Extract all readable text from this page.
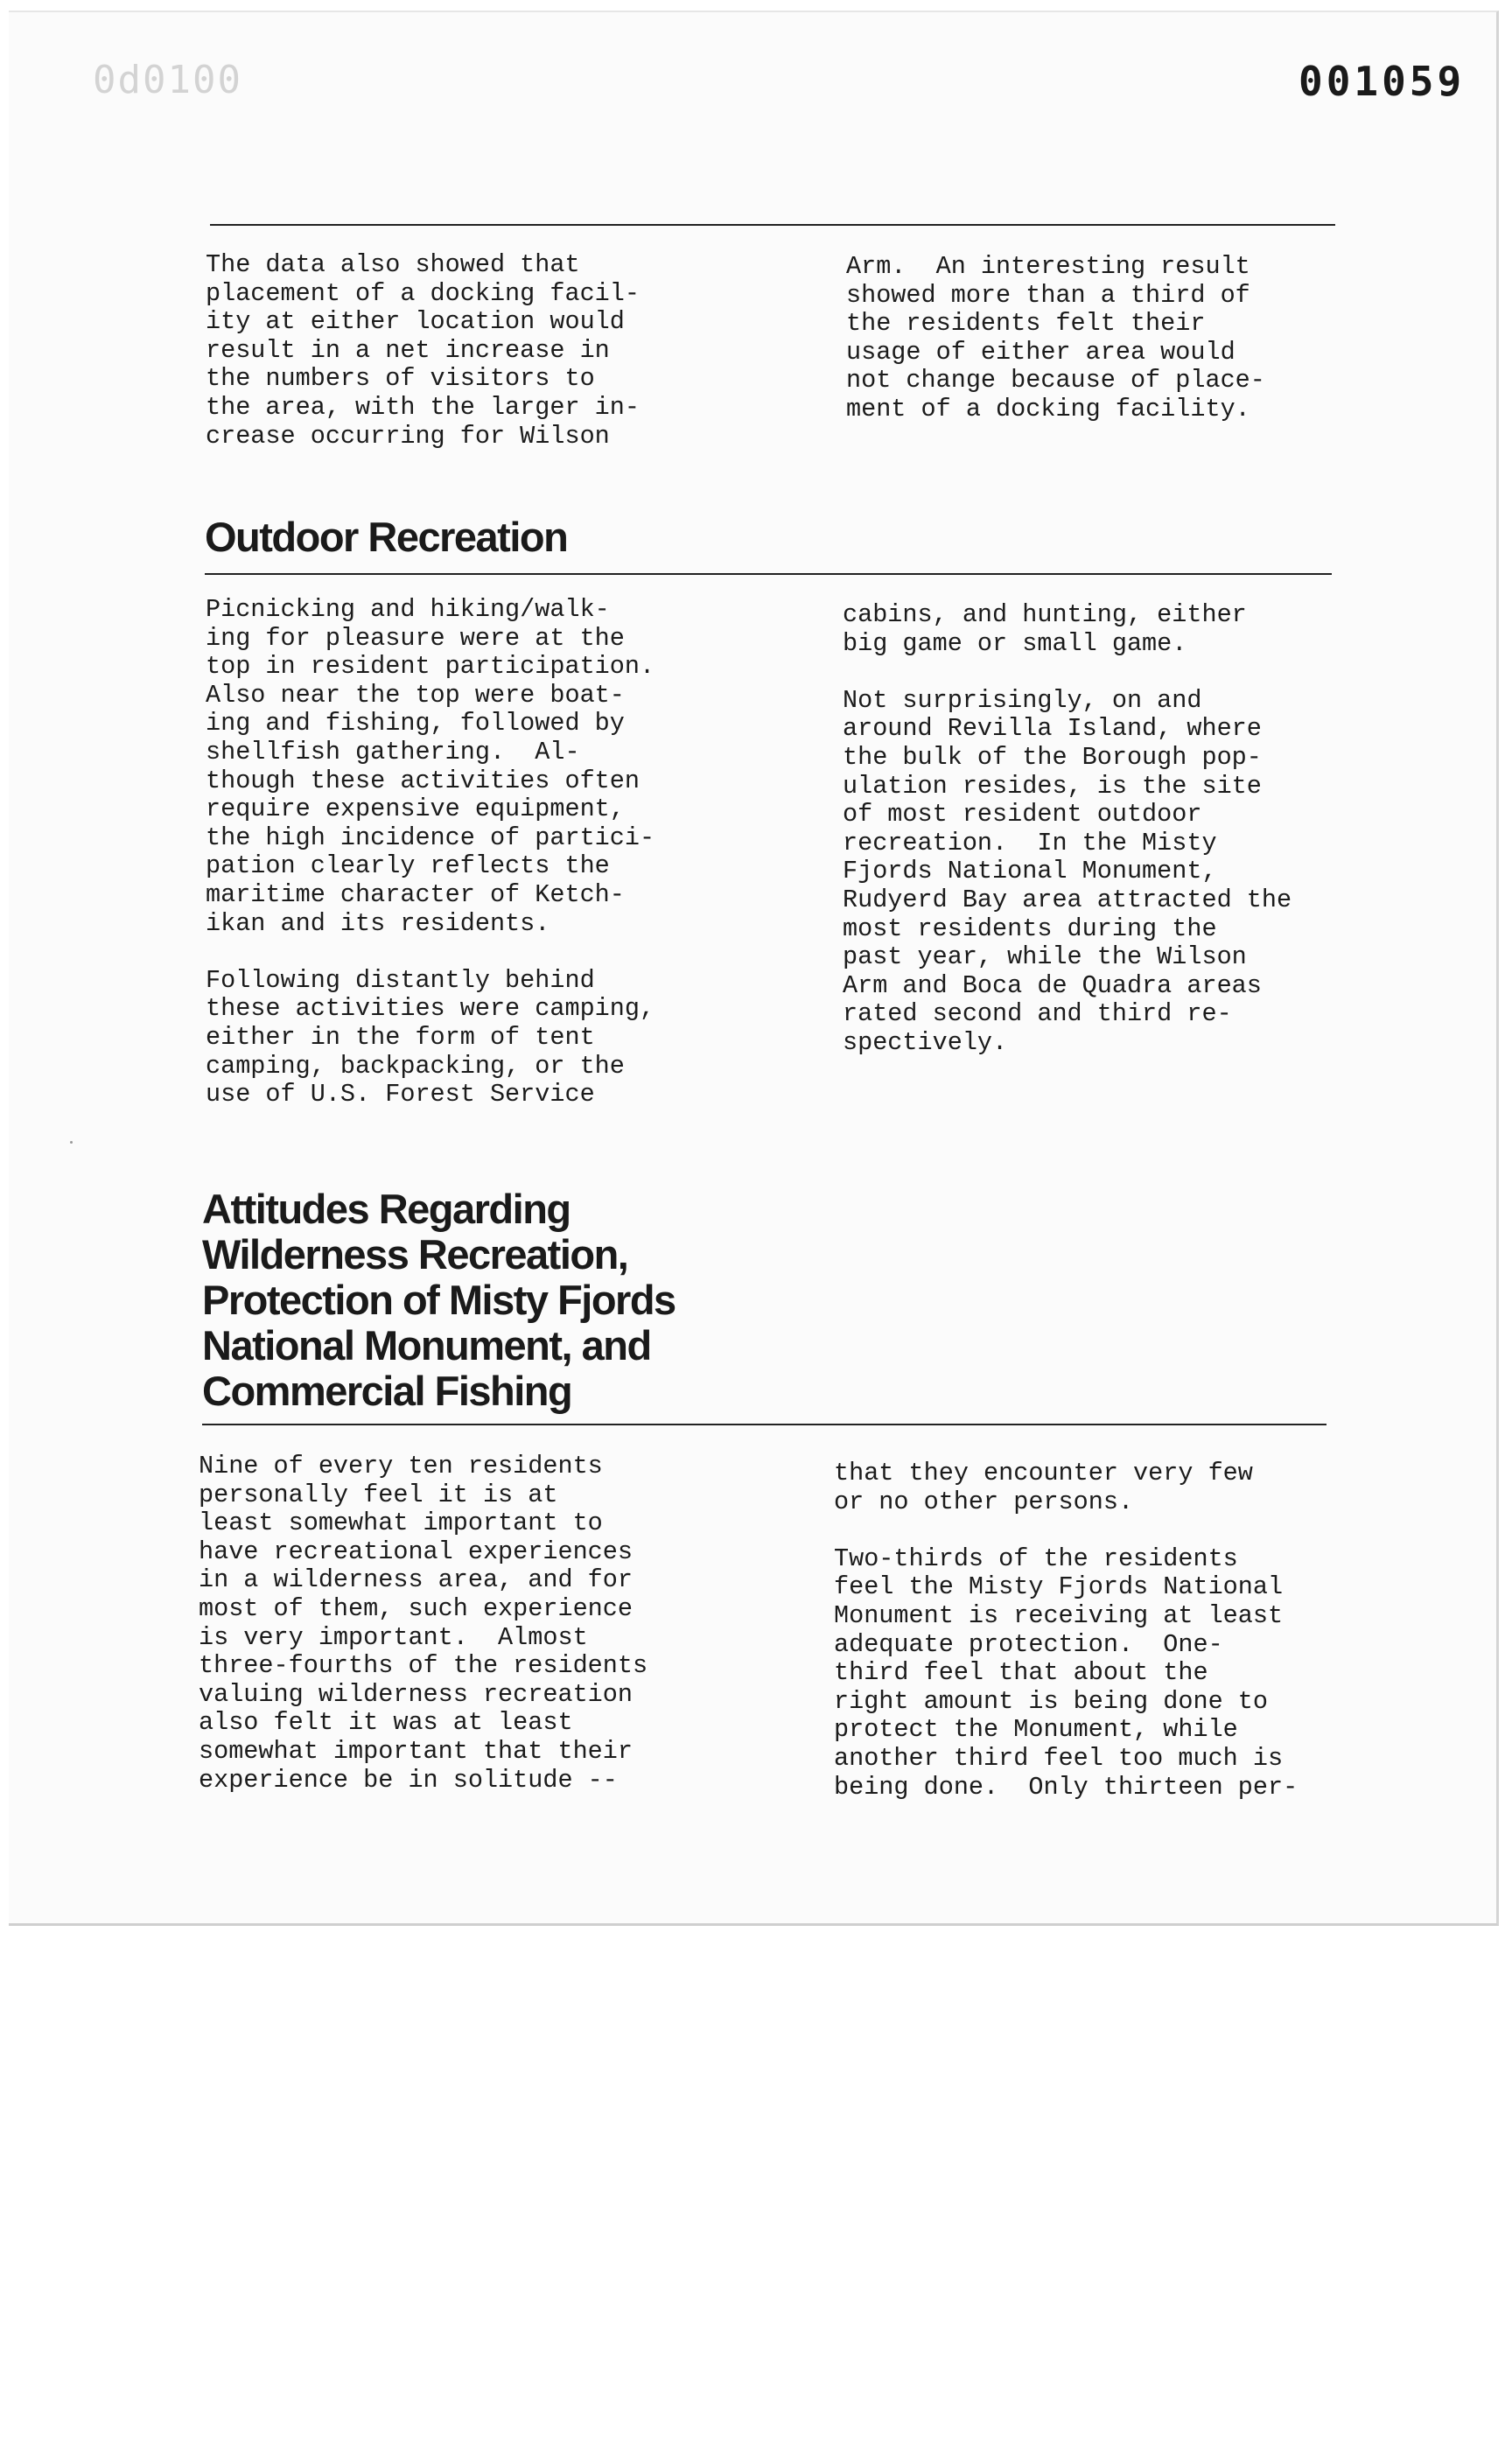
0d0100	001059
The data also showed that
placement of a docking facil-
ity at either location would
result in a net increase in
the numbers of visitors to
the area, with the larger in-
crease occurring for Wilson
Arm.  An interesting result
showed more than a third of
the residents felt their
usage of either area would
not change because of place-
ment of a docking facility.
Outdoor Recreation
Picnicking and hiking/walk-
ing for pleasure were at the
top in resident participation.
Also near the top were boat-
ing and fishing, followed by
shellfish gathering.  Al-
though these activities often
require expensive equipment,
the high incidence of partici-
pation clearly reflects the
maritime character of Ketch-
ikan and its residents.

Following distantly behind
these activities were camping,
either in the form of tent
camping, backpacking, or the
use of U.S. Forest Service
cabins, and hunting, either
big game or small game.

Not surprisingly, on and
around Revilla Island, where
the bulk of the Borough pop-
ulation resides, is the site
of most resident outdoor
recreation.  In the Misty
Fjords National Monument,
Rudyerd Bay area attracted the
most residents during the
past year, while the Wilson
Arm and Boca de Quadra areas
rated second and third re-
spectively.
Attitudes Regarding
Wilderness Recreation,
Protection of Misty Fjords
National Monument, and
Commercial Fishing
Nine of every ten residents
personally feel it is at
least somewhat important to
have recreational experiences
in a wilderness area, and for
most of them, such experience
is very important.  Almost
three-fourths of the residents
valuing wilderness recreation
also felt it was at least
somewhat important that their
experience be in solitude --
that they encounter very few
or no other persons.

Two-thirds of the residents
feel the Misty Fjords National
Monument is receiving at least
adequate protection.  One-
third feel that about the
right amount is being done to
protect the Monument, while
another third feel too much is
being done.  Only thirteen per-
